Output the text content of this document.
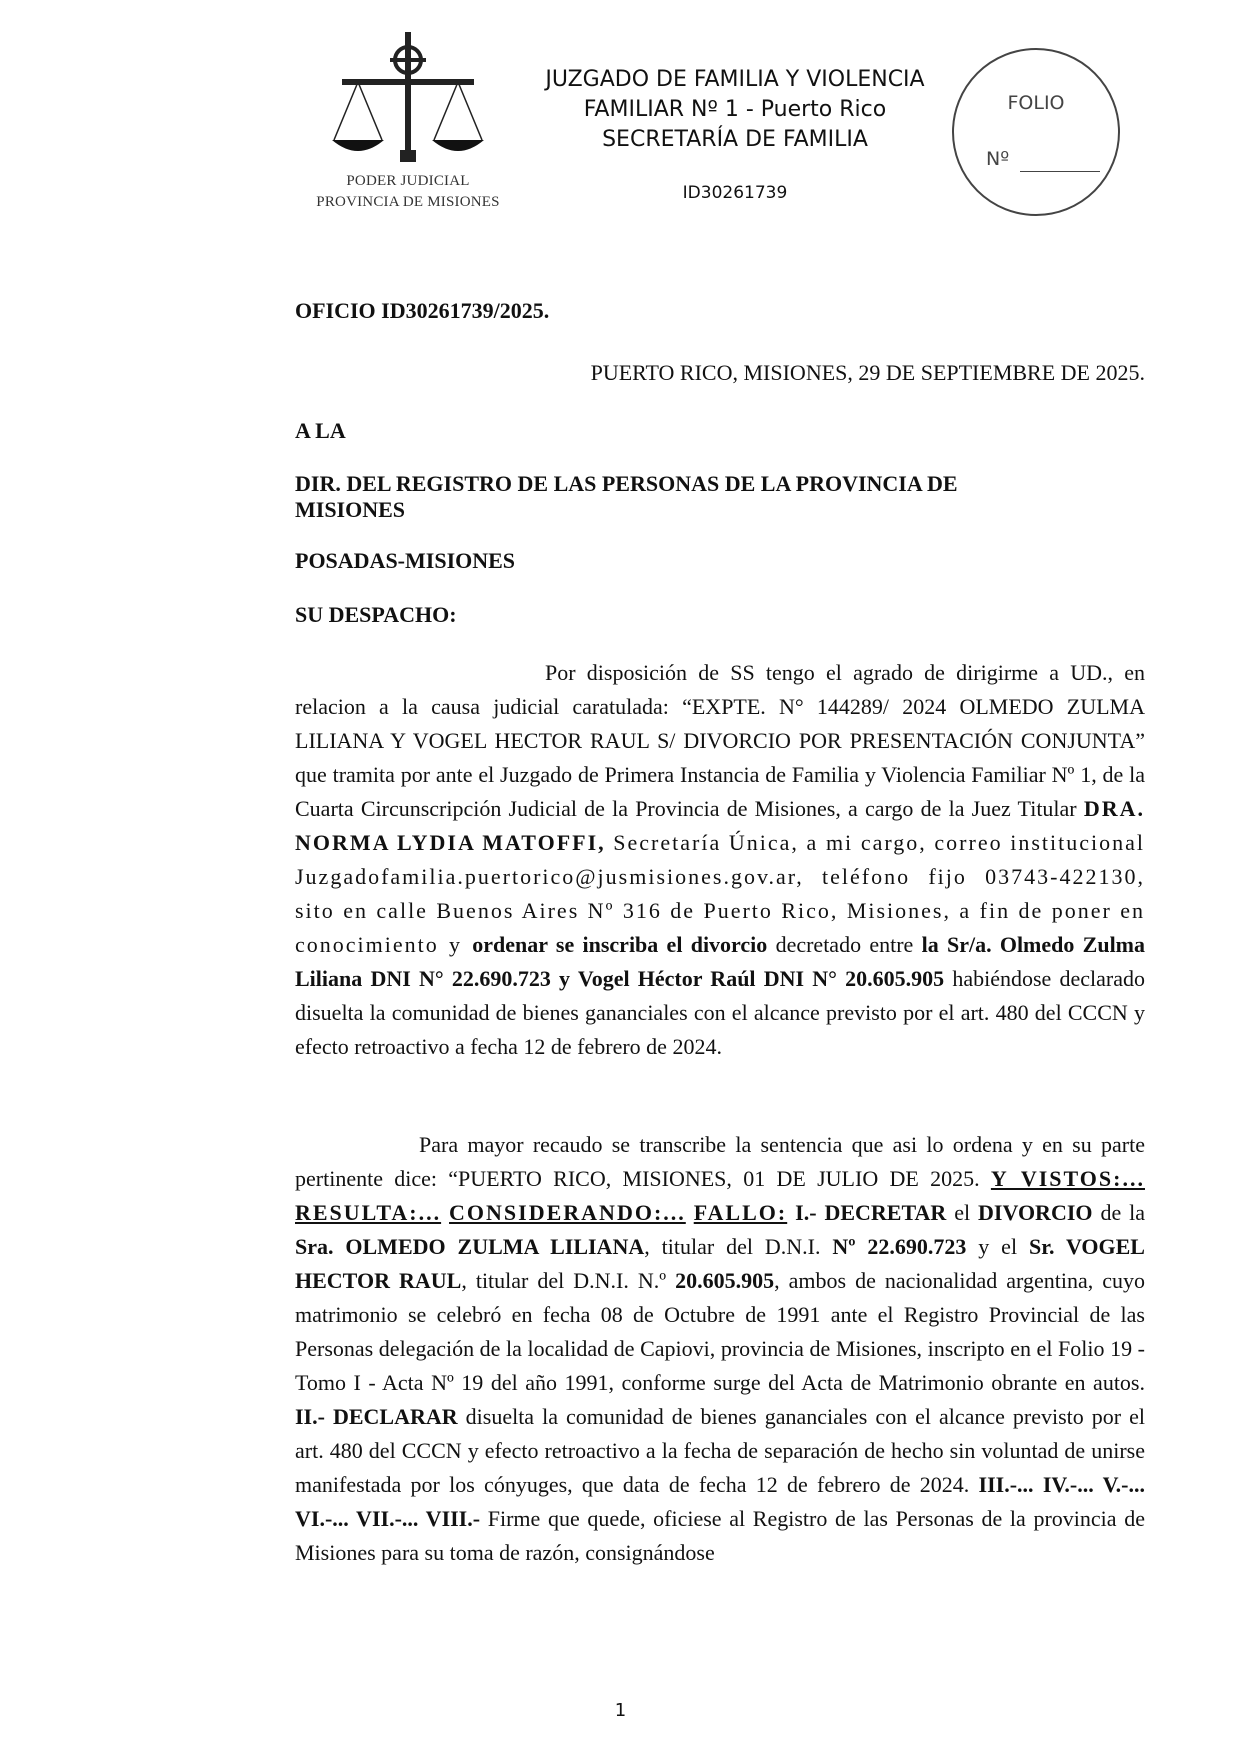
PODER JUDICIAL
PROVINCIA DE MISIONES
JUZGADO DE FAMILIA Y VIOLENCIA
FAMILIAR Nº 1 - Puerto Rico
SECRETARÍA DE FAMILIA
ID30261739
FOLIO
Nº
OFICIO ID30261739/2025.
PUERTO RICO, MISIONES, 29 DE SEPTIEMBRE DE 2025.
A LA
DIR. DEL REGISTRO DE LAS PERSONAS DE LA PROVINCIA DE
MISIONES
POSADAS-MISIONES
SU DESPACHO:
Por disposición de SS tengo el agrado de dirigirme a UD., en relacion a la causa judicial caratulada: “EXPTE. N° 144289/ 2024 OLMEDO ZULMA LILIANA Y VOGEL HECTOR RAUL S/ DIVORCIO POR PRESENTACIÓN CONJUNTA” que tramita por ante el Juzgado de Primera Instancia de Familia y Violencia Familiar Nº 1, de la Cuarta Circunscripción Judicial de la Provincia de Misiones, a cargo de la Juez Titular DRA. NORMA LYDIA MATOFFI, Secretaría Única, a mi cargo, correo institucional Juzgadofamilia.puertorico@jusmisiones.gov.ar, teléfono fijo 03743-422130, sito en calle Buenos Aires Nº 316 de Puerto Rico, Misiones, a fin de poner en conocimiento y ordenar se inscriba el divorcio decretado entre la Sr/a. Olmedo Zulma Liliana DNI N° 22.690.723 y Vogel Héctor Raúl DNI N° 20.605.905 habiéndose declarado disuelta la comunidad de bienes gananciales con el alcance previsto por el art. 480 del CCCN y efecto retroactivo a fecha 12 de febrero de 2024.
Para mayor recaudo se transcribe la sentencia que asi lo ordena y en su parte pertinente dice: “PUERTO RICO, MISIONES, 01 DE JULIO DE 2025. Y VISTOS:... RESULTA:... CONSIDERANDO:... FALLO: I.- DECRETAR el DIVORCIO de la Sra. OLMEDO ZULMA LILIANA, titular del D.N.I. Nº 22.690.723 y el Sr. VOGEL HECTOR RAUL, titular del D.N.I. N.º 20.605.905, ambos de nacionalidad argentina, cuyo matrimonio se celebró en fecha 08 de Octubre de 1991 ante el Registro Provincial de las Personas delegación de la localidad de Capiovi, provincia de Misiones, inscripto en el Folio 19 - Tomo I - Acta Nº 19 del año 1991, conforme surge del Acta de Matrimonio obrante en autos. II.- DECLARAR disuelta la comunidad de bienes gananciales con el alcance previsto por el art. 480 del CCCN y efecto retroactivo a la fecha de separación de hecho sin voluntad de unirse manifestada por los cónyuges, que data de fecha 12 de febrero de 2024. III.-... IV.-... V.-... VI.-... VII.-... VIII.- Firme que quede, oficiese al Registro de las Personas de la provincia de Misiones para su toma de razón, consignándose
1
